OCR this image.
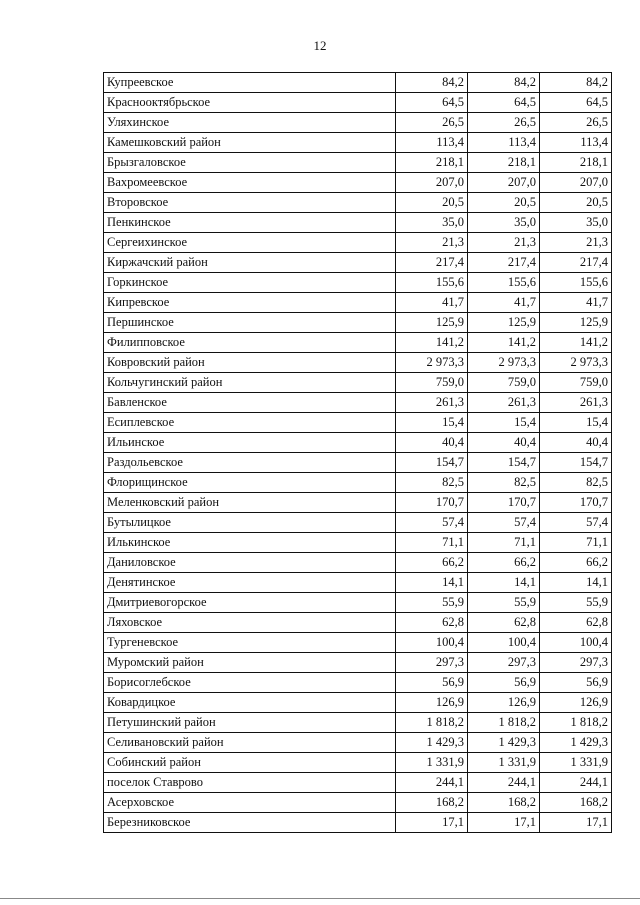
12
Купреевское	84,2	84,2	84,2
Краснооктябрьское	64,5	64,5	64,5
Уляхинское	26,5	26,5	26,5
Камешковский район	113,4	113,4	113,4
Брызгаловское	218,1	218,1	218,1
Вахромеевское	207,0	207,0	207,0
Второвское	20,5	20,5	20,5
Пенкинское	35,0	35,0	35,0
Сергеихинское	21,3	21,3	21,3
Киржачский район	217,4	217,4	217,4
Горкинское	155,6	155,6	155,6
Кипревское	41,7	41,7	41,7
Першинское	125,9	125,9	125,9
Филипповское	141,2	141,2	141,2
Ковровский район	2 973,3	2 973,3	2 973,3
Кольчугинский район	759,0	759,0	759,0
Бавленское	261,3	261,3	261,3
Есиплевское	15,4	15,4	15,4
Ильинское	40,4	40,4	40,4
Раздольевское	154,7	154,7	154,7
Флорищинское	82,5	82,5	82,5
Меленковский район	170,7	170,7	170,7
Бутылицкое	57,4	57,4	57,4
Илькинское	71,1	71,1	71,1
Даниловское	66,2	66,2	66,2
Денятинское	14,1	14,1	14,1
Дмитриевогорское	55,9	55,9	55,9
Ляховское	62,8	62,8	62,8
Тургеневское	100,4	100,4	100,4
Муромский район	297,3	297,3	297,3
Борисоглебское	56,9	56,9	56,9
Ковардицкое	126,9	126,9	126,9
Петушинский район	1 818,2	1 818,2	1 818,2
Селивановский район	1 429,3	1 429,3	1 429,3
Собинский район	1 331,9	1 331,9	1 331,9
поселок Ставрово	244,1	244,1	244,1
Асерховское	168,2	168,2	168,2
Березниковское	17,1	17,1	17,1
